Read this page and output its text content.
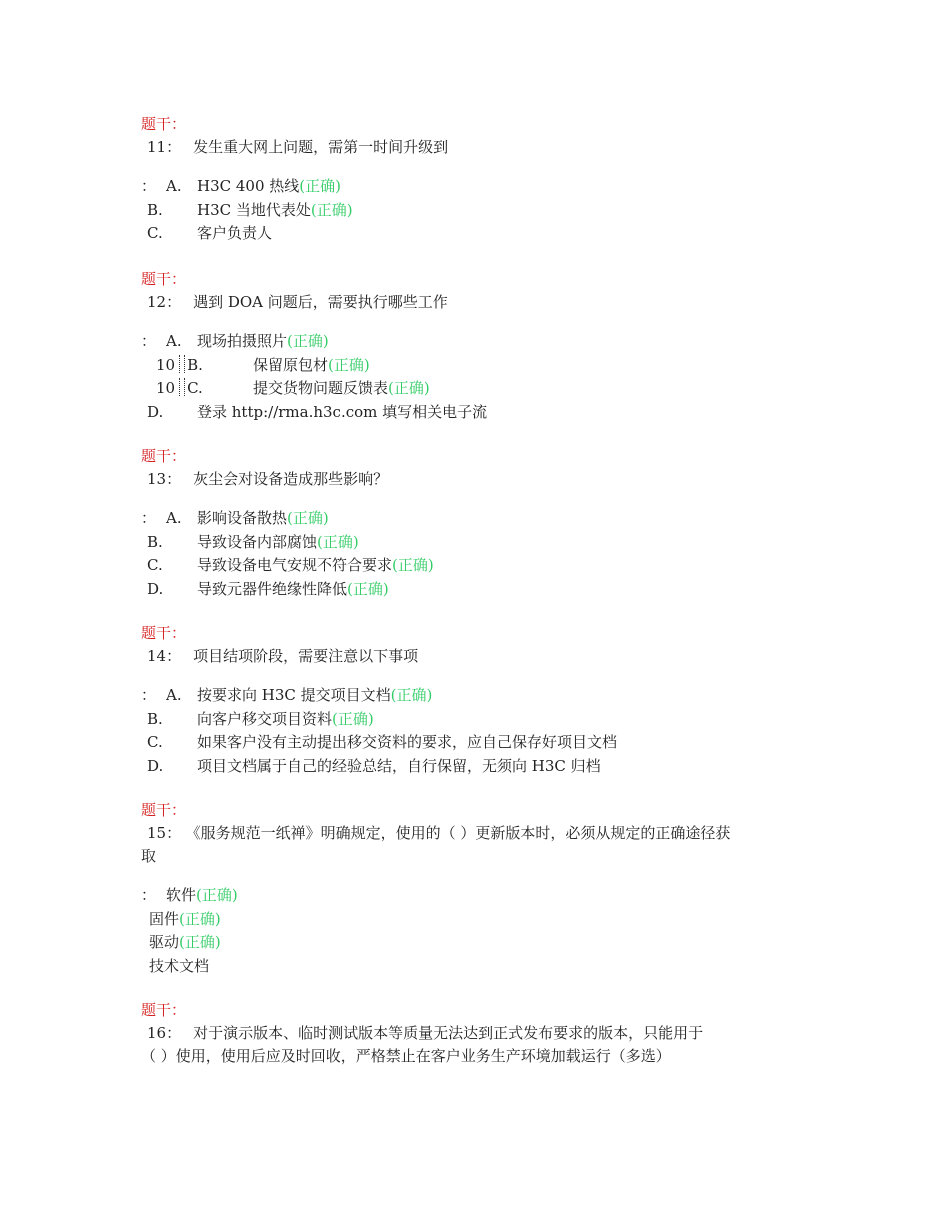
题干：
11： 发生重大网上问题，需第一时间升级到
： A. H3C 400 热线(正确)
B. H3C 当地代表处(正确)
C. 客户负责人
题干：
12： 遇到 DOA 问题后，需要执行哪些工作
： A. 现场拍摄照片(正确)
10 B.	保留原包材(正确)
10 C.	提交货物问题反馈表(正确)
D. 登录 http://rma.h3c.com 填写相关电子流
题干：
13： 灰尘会对设备造成那些影响？
： A. 影响设备散热(正确)
B. 导致设备内部腐蚀(正确)
C. 导致设备电气安规不符合要求(正确)
D. 导致元器件绝缘性降低(正确)
题干：
14： 项目结项阶段，需要注意以下事项
： A. 按要求向 H3C 提交项目文档(正确)
B. 向客户移交项目资料(正确)
C. 如果客户没有主动提出移交资料的要求，应自己保存好项目文档
D. 项目文档属于自己的经验总结，自行保留，无须向 H3C 归档
题干：
15： 《服务规范一纸禅》明确规定，使用的（ ）更新版本时，必须从规定的正确途径获
取
： 软件(正确)
固件(正确)
驱动(正确)
技术文档
题干：
16： 对于演示版本、临时测试版本等质量无法达到正式发布要求的版本，只能用于
（ ）使用，使用后应及时回收，严格禁止在客户业务生产环境加载运行（多选）
